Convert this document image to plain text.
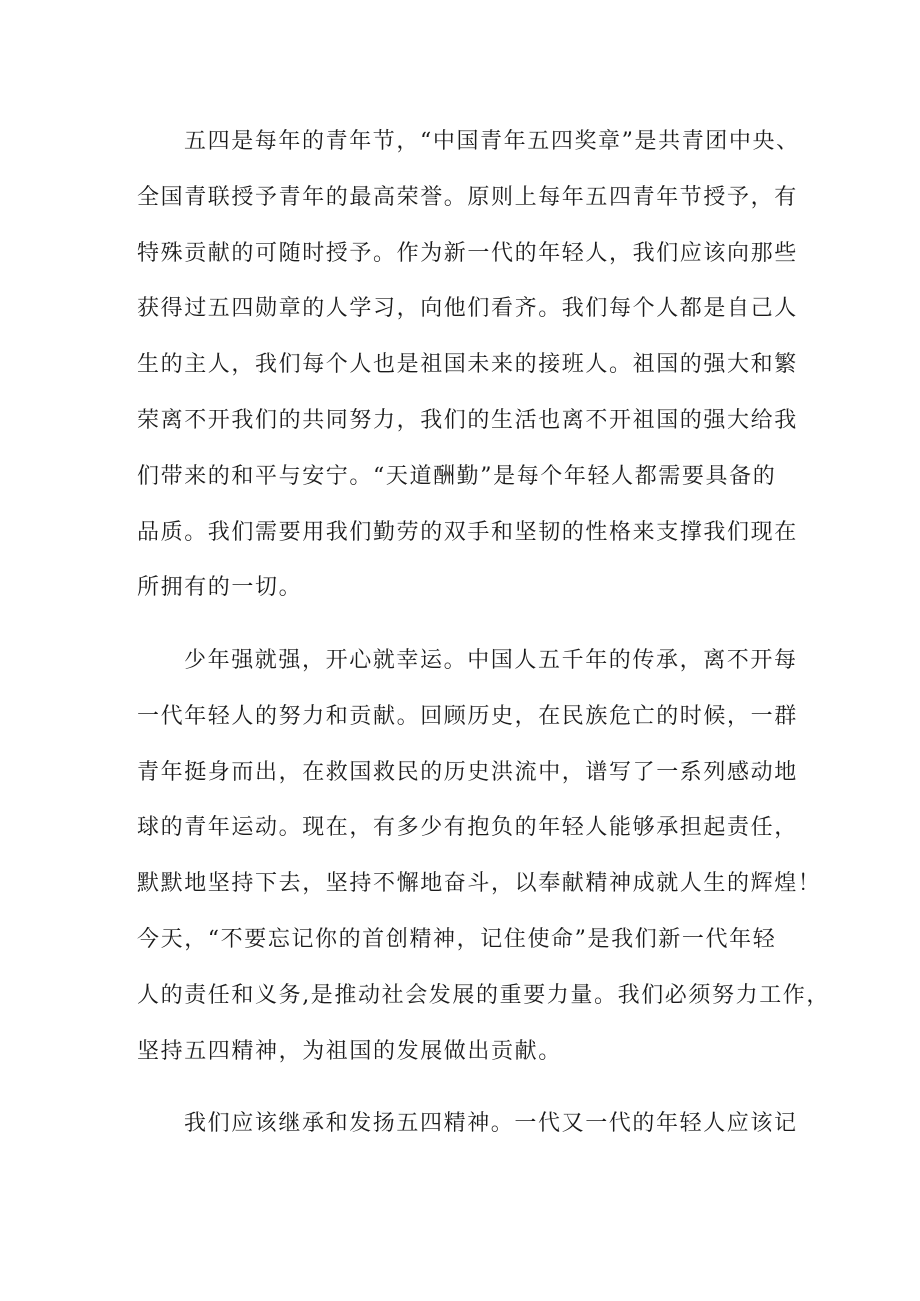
五四是每年的青年节，“中国青年五四奖章”是共青团中央、
全国青联授予青年的最高荣誉。原则上每年五四青年节授予，有
特殊贡献的可随时授予。作为新一代的年轻人，我们应该向那些
获得过五四勋章的人学习，向他们看齐。我们每个人都是自己人
生的主人，我们每个人也是祖国未来的接班人。祖国的强大和繁
荣离不开我们的共同努力，我们的生活也离不开祖国的强大给我
们带来的和平与安宁。“天道酬勤”是每个年轻人都需要具备的
品质。我们需要用我们勤劳的双手和坚韧的性格来支撑我们现在
所拥有的一切。
少年强就强，开心就幸运。中国人五千年的传承，离不开每
一代年轻人的努力和贡献。回顾历史，在民族危亡的时候，一群
青年挺身而出，在救国救民的历史洪流中，谱写了一系列感动地
球的青年运动。现在，有多少有抱负的年轻人能够承担起责任，
默默地坚持下去，坚持不懈地奋斗，以奉献精神成就人生的辉煌！
今天，“不要忘记你的首创精神，记住使命”是我们新一代年轻
人的责任和义务,是推动社会发展的重要力量。我们必须努力工作，
坚持五四精神，为祖国的发展做出贡献。
我们应该继承和发扬五四精神。一代又一代的年轻人应该记
